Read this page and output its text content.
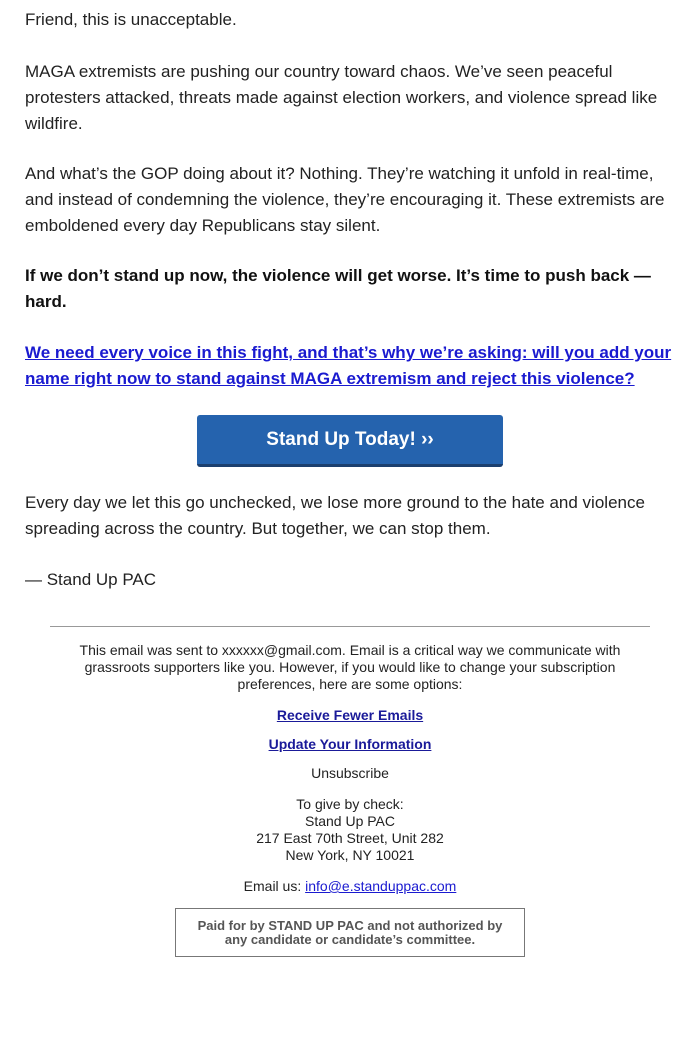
Friend, this is unacceptable.

MAGA extremists are pushing our country toward chaos. We’ve seen peaceful protesters attacked, threats made against election workers, and violence spread like wildfire.

And what’s the GOP doing about it? Nothing. They’re watching it unfold in real-time, and instead of condemning the violence, they’re encouraging it. These extremists are emboldened every day Republicans stay silent.

If we don’t stand up now, the violence will get worse. It’s time to push back — hard.

We need every voice in this fight, and that’s why we’re asking: will you add your name right now to stand against MAGA extremism and reject this violence?

Stand Up Today! ››

Every day we let this go unchecked, we lose more ground to the hate and violence spreading across the country. But together, we can stop them.

— Stand Up PAC

This email was sent to xxxxxx@gmail.com. Email is a critical way we communicate with grassroots supporters like you. However, if you would like to change your subscription preferences, here are some options:

Receive Fewer Emails

Update Your Information

Unsubscribe

To give by check:
Stand Up PAC
217 East 70th Street, Unit 282
New York, NY 10021

Email us: info@e.standuppac.com

Paid for by STAND UP PAC and not authorized by any candidate or candidate’s committee.
